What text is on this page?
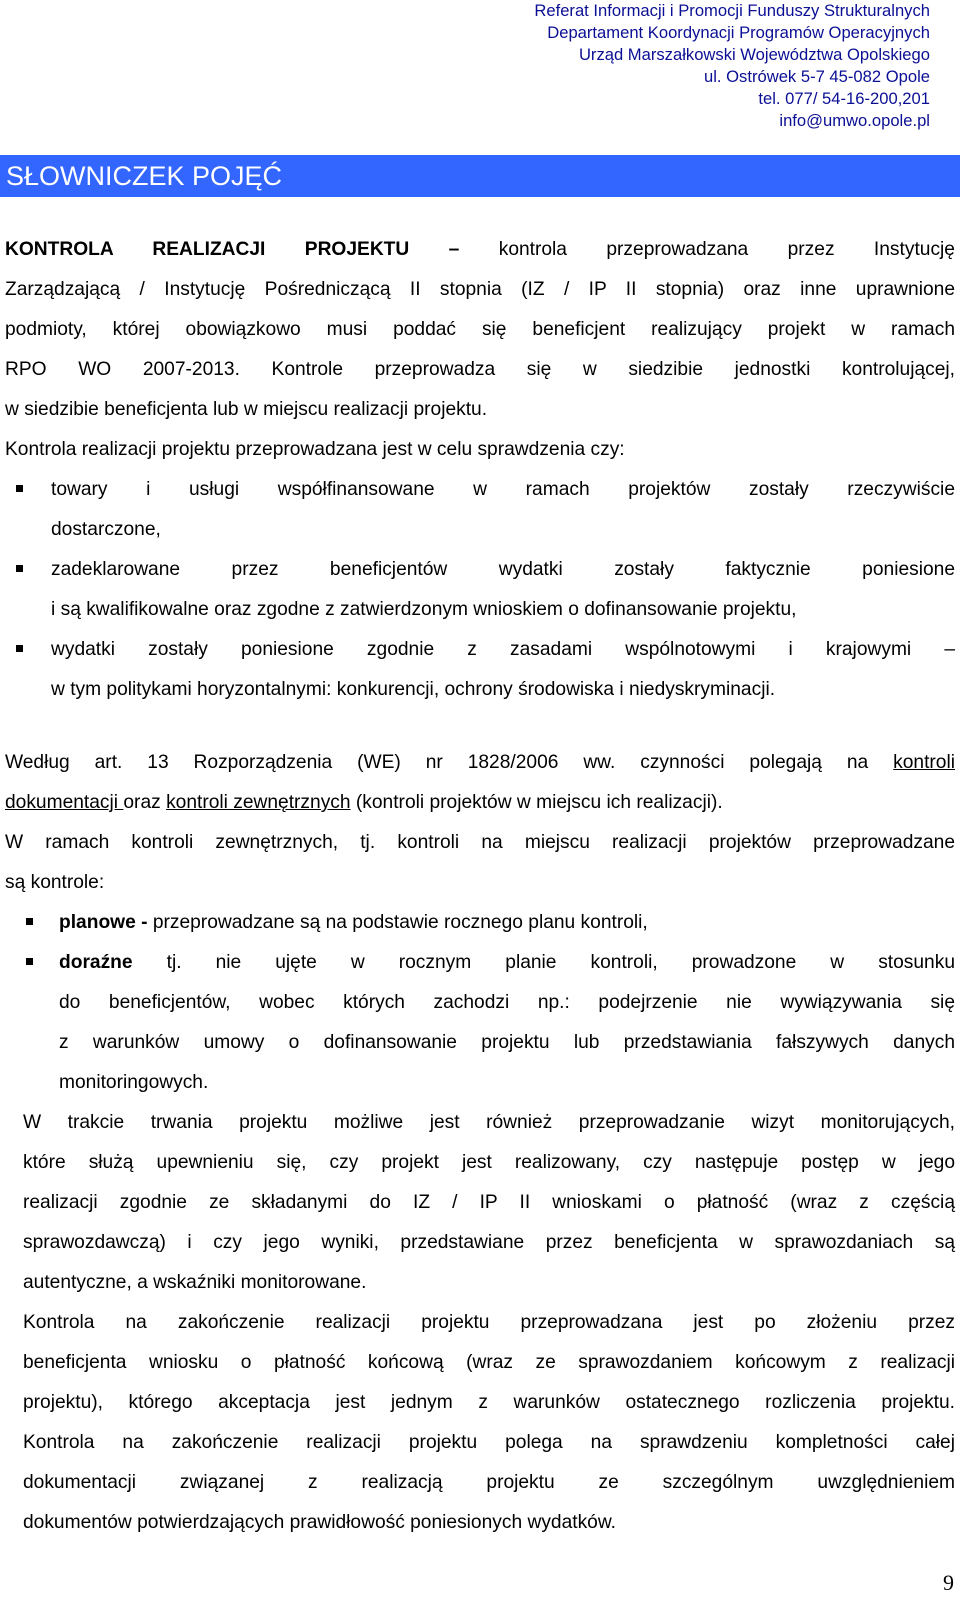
Referat Informacji i Promocji Funduszy Strukturalnych
Departament Koordynacji Programów Operacyjnych
Urząd Marszałkowski Województwa Opolskiego
ul. Ostrówek 5-7 45-082 Opole
tel. 077/ 54-16-200,201
info@umwo.opole.pl
SŁOWNICZEK POJĘĆ

KONTROLA REALIZACJI PROJEKTU – kontrola przeprowadzana przez Instytucję

Zarządzającą / Instytucję Pośredniczącą II stopnia (IZ / IP II stopnia) oraz inne uprawnione

podmioty, której obowiązkowo musi poddać się beneficjent realizujący projekt w ramach

RPO WO 2007-2013. Kontrole przeprowadza się w siedzibie jednostki kontrolującej,

w siedzibie beneficjenta lub w miejscu realizacji projektu.

Kontrola realizacji projektu przeprowadzana jest w celu sprawdzenia czy:

towary i usługi współfinansowane w ramach projektów zostały rzeczywiście
dostarczone,
zadeklarowane przez beneficjentów wydatki zostały faktycznie poniesione
i są kwalifikowalne oraz zgodne z zatwierdzonym wnioskiem o dofinansowanie projektu,
wydatki zostały poniesione zgodnie z zasadami wspólnotowymi i krajowymi –
w tym politykami horyzontalnymi: konkurencji, ochrony środowiska i niedyskryminacji.

Według art. 13 Rozporządzenia (WE) nr 1828/2006 ww. czynności polegają na kontroli

dokumentacji oraz kontroli zewnętrznych (kontroli projektów w miejscu ich realizacji).

W ramach kontroli zewnętrznych, tj. kontroli na miejscu realizacji projektów przeprowadzane

są kontrole:

planowe - przeprowadzane są na podstawie rocznego planu kontroli,
doraźne tj. nie ujęte w rocznym planie kontroli, prowadzone w stosunku
do beneficjentów, wobec których zachodzi np.: podejrzenie nie wywiązywania się
z warunków umowy o dofinansowanie projektu lub przedstawiania fałszywych danych
monitoringowych.

W trakcie trwania projektu możliwe jest również przeprowadzanie wizyt monitorujących,

które służą upewnieniu się, czy projekt jest realizowany, czy następuje postęp w jego

realizacji zgodnie ze składanymi do IZ / IP II wnioskami o płatność (wraz z częścią

sprawozdawczą) i czy jego wyniki, przedstawiane przez beneficjenta w sprawozdaniach są

autentyczne, a wskaźniki monitorowane.

Kontrola na zakończenie realizacji projektu przeprowadzana jest po złożeniu przez

beneficjenta wniosku o płatność końcową (wraz ze sprawozdaniem końcowym z realizacji

projektu), którego akceptacja jest jednym z warunków ostatecznego rozliczenia projektu.

Kontrola na zakończenie realizacji projektu polega na sprawdzeniu kompletności całej

dokumentacji związanej z realizacją projektu ze szczególnym uwzględnieniem

dokumentów potwierdzających prawidłowość poniesionych wydatków.

9
